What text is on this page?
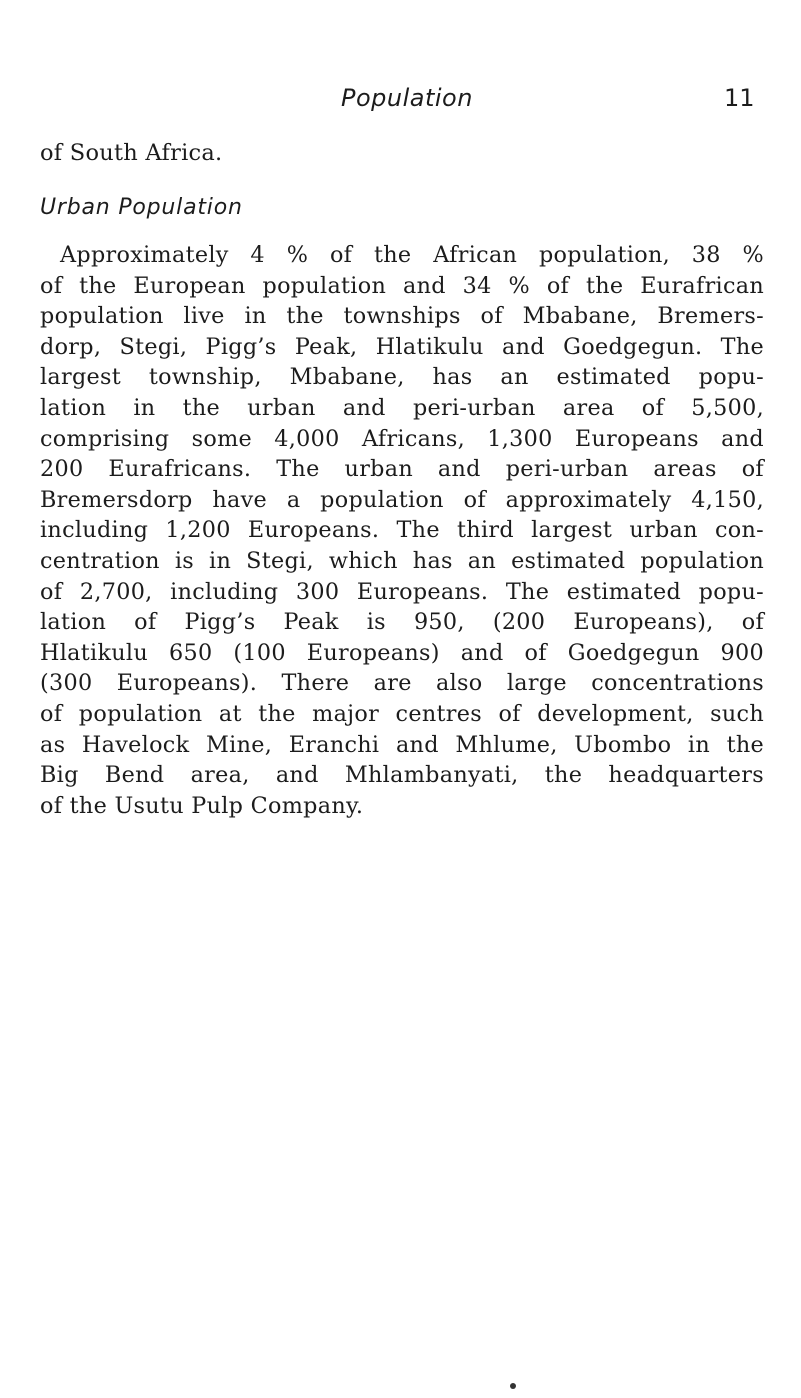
Population	11
of South Africa.
Urban Population
Approximately 4 % of the African population, 38 %
of the European population and 34 % of the Eurafrican
population live in the townships of Mbabane, Bremers-
dorp, Stegi, Pigg’s Peak, Hlatikulu and Goedgegun. The
largest township, Mbabane, has an estimated popu-
lation in the urban and peri-urban area of 5,500,
comprising some 4,000 Africans, 1,300 Europeans and
200 Eurafricans. The urban and peri-urban areas of
Bremersdorp have a population of approximately 4,150,
including 1,200 Europeans. The third largest urban con-
centration is in Stegi, which has an estimated population
of 2,700, including 300 Europeans. The estimated popu-
lation of Pigg’s Peak is 950, (200 Europeans), of
Hlatikulu 650 (100 Europeans) and of Goedgegun 900
(300 Europeans). There are also large concentrations
of population at the major centres of development, such
as Havelock Mine, Eranchi and Mhlume, Ubombo in the
Big Bend area, and Mhlambanyati, the headquarters
of the Usutu Pulp Company.
